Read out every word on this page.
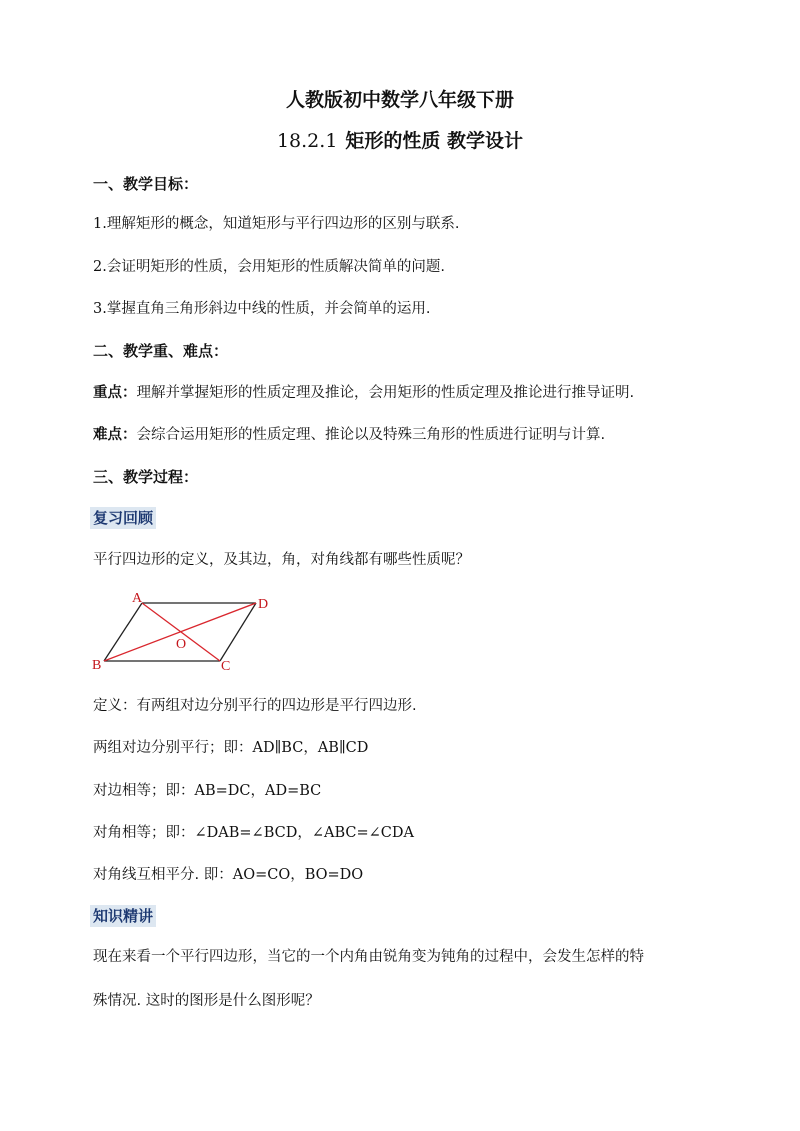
人教版初中数学八年级下册
18.2.1 矩形的性质 教学设计
一、教学目标：
1.理解矩形的概念，知道矩形与平行四边形的区别与联系.
2.会证明矩形的性质，会用矩形的性质解决简单的问题.
3.掌握直角三角形斜边中线的性质，并会简单的运用.
二、教学重、难点：
重点：理解并掌握矩形的性质定理及推论，会用矩形的性质定理及推论进行推导证明.
难点：会综合运用矩形的性质定理、推论以及特殊三角形的性质进行证明与计算.
三、教学过程：
复习回顾
平行四边形的定义，及其边，角，对角线都有哪些性质呢？
A	D
B	C
O
定义：有两组对边分别平行的四边形是平行四边形.
两组对边分别平行；即：AD∥BC，AB∥CD
对边相等；即：AB=DC，AD=BC
对角相等；即：∠DAB=∠BCD，∠ABC=∠CDA
对角线互相平分. 即：AO=CO，BO=DO
知识精讲
现在来看一个平行四边形，当它的一个内角由锐角变为钝角的过程中，会发生怎样的特
殊情况. 这时的图形是什么图形呢？
